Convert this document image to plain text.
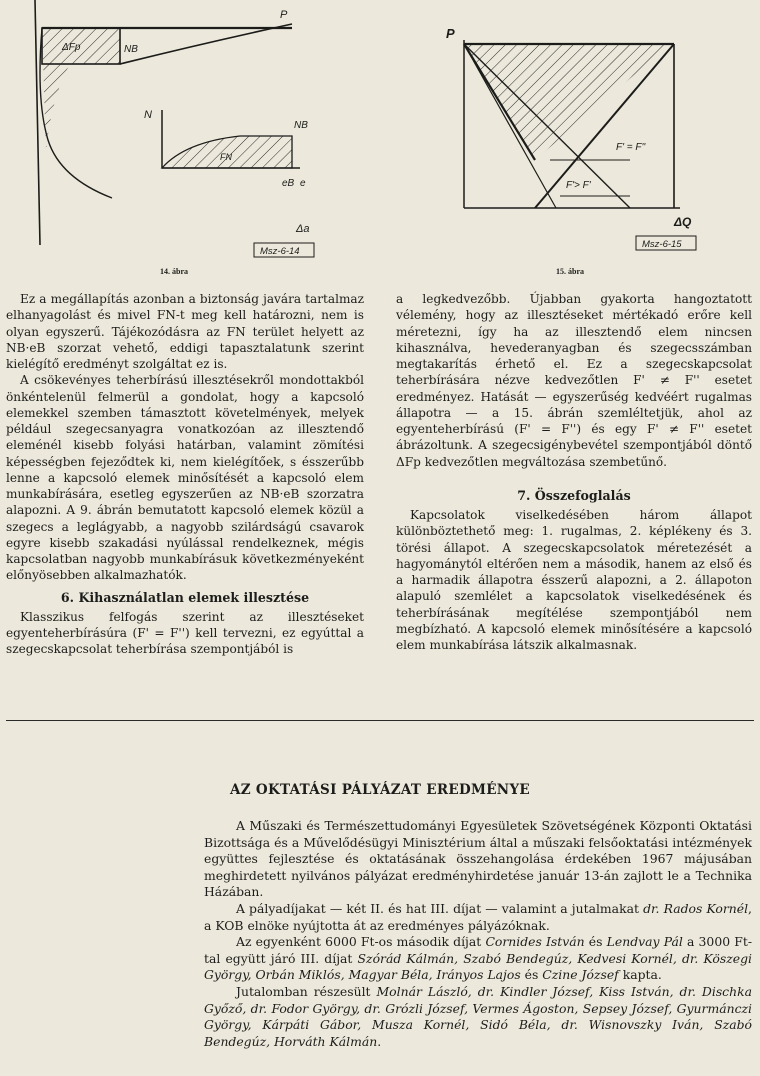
P
NB
ΔFp
N
NB
FN
eB e
Δa
Msz-6-14
14. ábra
P
F' = F''
F'> F'
ΔQ
Msz-6-15
15. ábra

Ez a megállapítás azonban a biztonság javára tartalmaz elhanyagolást és mivel FN-t meg kell határozni, nem is olyan egyszerű. Tájékozódásra az FN terület helyett az NB·eB szorzat vehető, eddigi tapasztalatunk szerint kielégítő eredményt szolgáltat ez is.

A csökevényes teherbírású illesztésekről mondottakból önkéntelenül felmerül a gondolat, hogy a kapcsoló elemekkel szemben támasztott követelmények, melyek például szegecsanyagra vonatkozóan az illesztendő eleménél kisebb folyási határban, valamint zömítési képességben fejeződtek ki, nem kielégítőek, s ésszerűbb lenne a kapcsoló elemek minősítését a kapcsoló elem munkabírására, esetleg egyszerűen az NB·eB szorzatra alapozni. A 9. ábrán bemutatott kapcsoló elemek közül a szegecs a leglágyabb, a nagyobb szilárdságú csavarok egyre kisebb szakadási nyúlással rendelkeznek, mégis kapcsolatban nagyobb munkabírásuk következményeként előnyösebben alkalmazhatók.

6. Kihasználatlan elemek illesztése

Klasszikus felfogás szerint az illesztéseket egyenteherbírásúra (F' = F'') kell tervezni, ez egyúttal a szegecskapcsolat teherbírása szempontjából is

a legkedvezőbb. Újabban gyakorta hangoztatott vélemény, hogy az illesztéseket mértékadó erőre kell méretezni, így ha az illesztendő elem nincsen kihasználva, hevederanyagban és szegecsszámban megtakarítás érhető el. Ez a szegecskapcsolat teherbírására nézve kedvezőtlen F' ≠ F'' esetet eredményez. Hatását — egyszerűség kedvéért rugalmas állapotra — a 15. ábrán szemléltetjük, ahol az egyenteherbírású (F' = F'') és egy F' ≠ F'' esetet ábrázoltunk. A szegecsigénybevétel szempontjából döntő ΔFp kedvezőtlen megváltozása szembetűnő.

7. Összefoglalás

Kapcsolatok viselkedésében három állapot különböztethető meg: 1. rugalmas, 2. képlékeny és 3. törési állapot. A szegecskapcsolatok méretezését a hagyománytól eltérően nem a második, hanem az első és a harmadik állapotra ésszerű alapozni, a 2. állapoton alapuló szemlélet a kapcsolatok viselkedésének és teherbírásának megítélése szempontjából nem megbízható. A kapcsoló elemek minősítésére a kapcsoló elem munkabírása látszik alkalmasnak.

AZ OKTATÁSI PÁLYÁZAT EREDMÉNYE

A Műszaki és Természettudományi Egyesületek Szövetségének Központi Oktatási Bizottsága és a Művelődésügyi Minisztérium által a műszaki felsőoktatási intézmények együttes fejlesztése és oktatásának összehangolása érdekében 1967 májusában meghirdetett nyilvános pályázat eredményhirdetése január 13-án zajlott le a Technika Házában.

A pályadíjakat — két II. és hat III. díjat — valamint a jutalmakat dr. Rados Kornél, a KOB elnöke nyújtotta át az eredményes pályázóknak.

Az egyenként 6000 Ft-os második díjat Cornides István és Lendvay Pál a 3000 Ft-tal együtt járó III. díjat Szórád Kálmán, Szabó Bendegúz, Kedvesi Kornél, dr. Köszegi György, Orbán Miklós, Magyar Béla, Irányos Lajos és Czine József kapta.

Jutalomban részesült Molnár László, dr. Kindler József, Kiss István, dr. Dischka Győző, dr. Fodor György, dr. Grózli József, Vermes Ágoston, Sepsey József, Gyurmánczi György, Kárpáti Gábor, Musza Kornél, Sidó Béla, dr. Wisnovszky Iván, Szabó Bendegúz, Horváth Kálmán.
